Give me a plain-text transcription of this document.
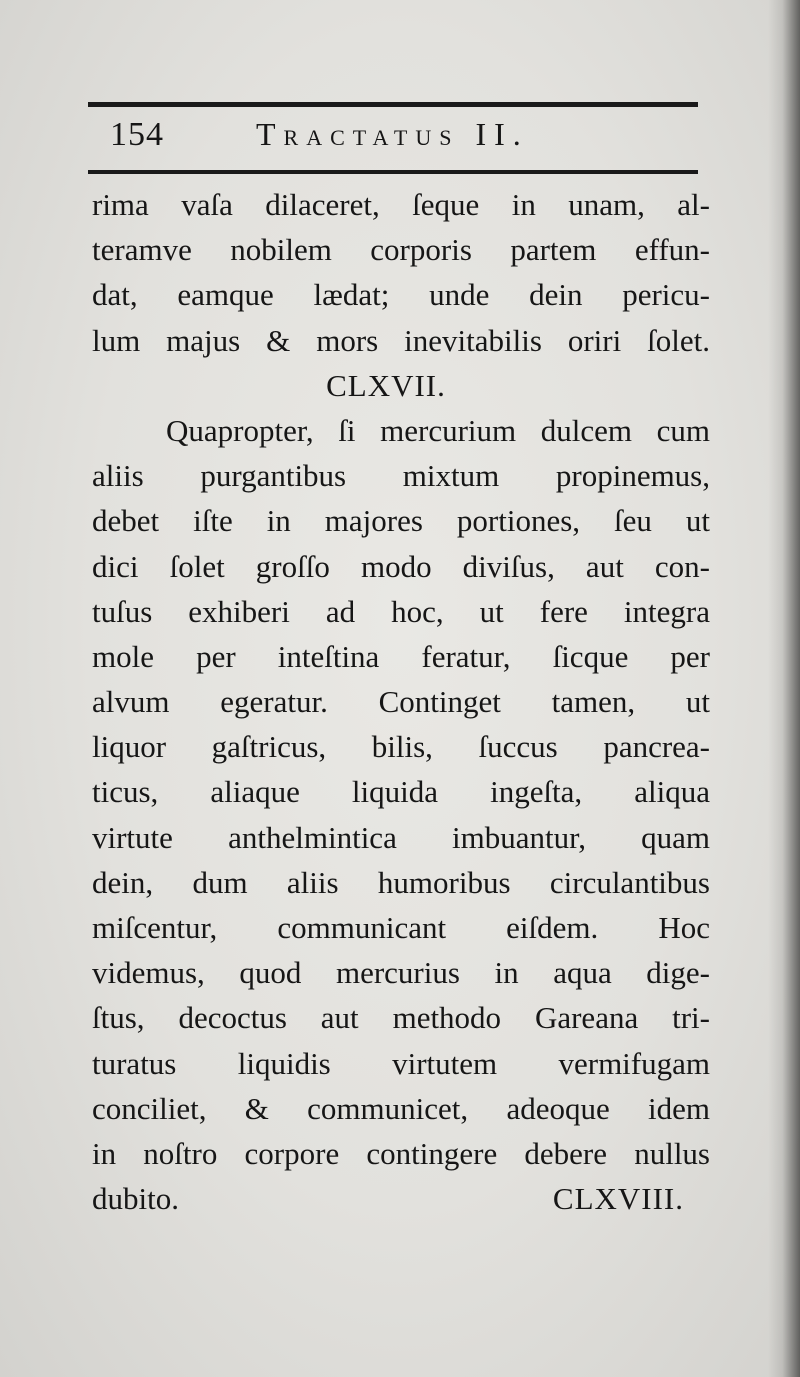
154	Tractatus II.
rima vaſa dilaceret, ſeque in unam, al-
teramve nobilem corporis partem effun-
dat, eamque lædat; unde dein pericu-
lum majus & mors inevitabilis oriri ſolet.
CLXVII.
Quapropter, ſi mercurium dulcem cum
aliis purgantibus mixtum propinemus,
debet iſte in majores portiones, ſeu ut
dici ſolet groſſo modo diviſus, aut con-
tuſus exhiberi ad hoc, ut fere integra
mole per inteſtina feratur, ſicque per
alvum egeratur. Continget tamen, ut
liquor gaſtricus, bilis, ſuccus pancrea-
ticus, aliaque liquida ingeſta, aliqua
virtute anthelmintica imbuantur, quam
dein, dum aliis humoribus circulantibus
miſcentur, communicant eiſdem. Hoc
videmus, quod mercurius in aqua dige-
ſtus, decoctus aut methodo Gareana tri-
turatus liquidis virtutem vermifugam
conciliet, & communicet, adeoque idem
in noſtro corpore contingere debere nullus
dubito.	CLXVIII.
